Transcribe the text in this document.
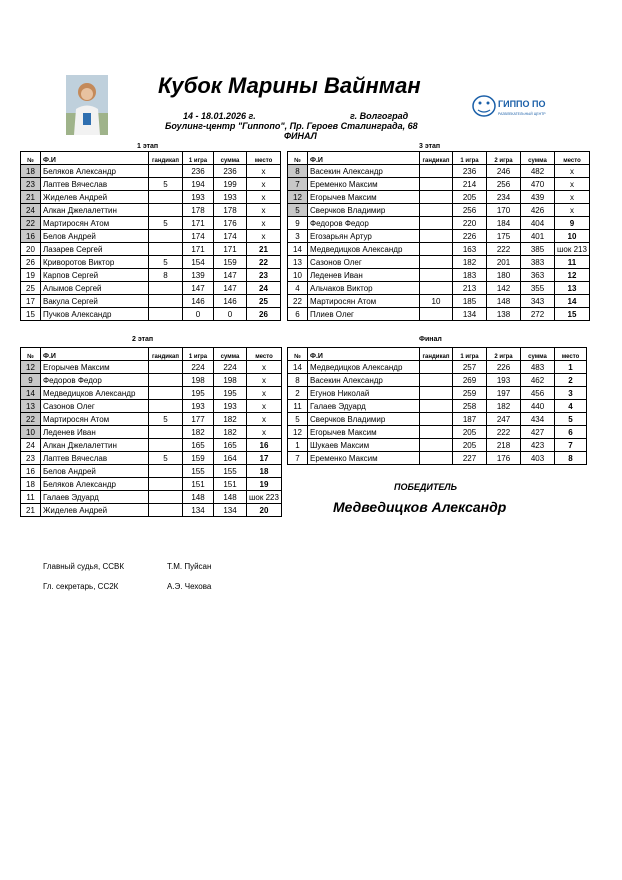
Кубок Марины Вайнман
14 - 18.01.2026 г.	г. Волгоград
Боулинг-центр "Гиппопо", Пр. Героев Сталинграда, 68
ФИНАЛ
ГИППО ПО
РАЗВЛЕКАТЕЛЬНЫЙ ЦЕНТР
1 этап
№	Ф.И	гандикап	1 игра	сумма	место
18	Беляков Александр		236	236	x
23	Лаптев Вячеслав	5	194	199	x
21	Жиделев Андрей		193	193	x
24	Алкан Джелалеттин		178	178	x
22	Мартиросян Атом	5	171	176	x
16	Белов Андрей		174	174	x
20	Лазарев Сергей		171	171	21
26	Криворотов Виктор	5	154	159	22
19	Карпов Сергей	8	139	147	23
25	Алымов Сергей		147	147	24
17	Вакула Сергей		146	146	25
15	Пучков Александр		0	0	26
3 этап
№	Ф.И	гандикап	1 игра	2 игра	сумма	место
8	Васекин Александр		236	246	482	x
7	Еременко Максим		214	256	470	x
12	Егорычев Максим		205	234	439	x
5	Сверчков Владимир		256	170	426	x
9	Федоров Федор		220	184	404	9
3	Егозарьян Артур		226	175	401	10
14	Медведицков Александр		163	222	385	шок 213
13	Сазонов Олег		182	201	383	11
10	Леденев Иван		183	180	363	12
4	Альчаков Виктор		213	142	355	13
22	Мартиросян Атом	10	185	148	343	14
6	Плиев Олег		134	138	272	15
2 этап
№	Ф.И	гандикап	1 игра	сумма	место
12	Егорычев Максим		224	224	x
9	Федоров Федор		198	198	x
14	Медведицков Александр		195	195	x
13	Сазонов Олег		193	193	x
22	Мартиросян Атом	5	177	182	x
10	Леденев Иван		182	182	x
24	Алкан Джелалеттин		165	165	16
23	Лаптев Вячеслав	5	159	164	17
16	Белов Андрей		155	155	18
18	Беляков Александр		151	151	19
11	Галаев Эдуард		148	148	шок 223
21	Жиделев Андрей		134	134	20
Финал
№	Ф.И	гандикап	1 игра	2 игра	сумма	место
14	Медведицков Александр		257	226	483	1
8	Васекин Александр		269	193	462	2
2	Егунов Николай		259	197	456	3
11	Галаев Эдуард		258	182	440	4
5	Сверчков Владимир		187	247	434	5
12	Егорычев Максим		205	222	427	6
1	Шукаев Максим		205	218	423	7
7	Еременко Максим		227	176	403	8
ПОБЕДИТЕЛЬ
Медведицков Александр
Главный судья, ССВК	Т.М. Пуйсан
Гл. секретарь, СС2К	А.Э. Чехова
